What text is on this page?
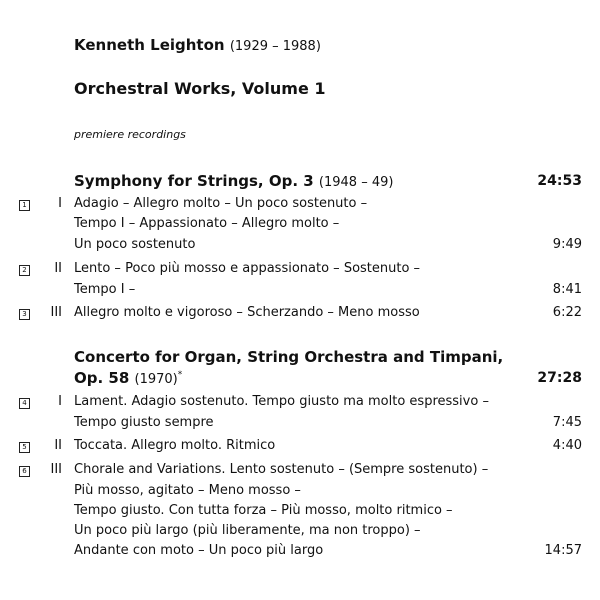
Kenneth Leighton (1929 – 1988)
Orchestral Works, Volume 1
premiere recordings
Symphony for Strings, Op. 3 (1948 – 49)	24:53
1	I Adagio – Allegro molto – Un poco sostenuto –
Tempo I – Appassionato – Allegro molto –
Un poco sostenuto	9:49
2	II Lento – Poco più mosso e appassionato – Sostenuto –
Tempo I –	8:41
3	III Allegro molto e vigoroso – Scherzando – Meno mosso	6:22
Concerto for Organ, String Orchestra and Timpani,
Op. 58 (1970)*	27:28
4	I Lament. Adagio sostenuto. Tempo giusto ma molto espressivo –
Tempo giusto sempre	7:45
5	II Toccata. Allegro molto. Ritmico	4:40
6	III Chorale and Variations. Lento sostenuto – (Sempre sostenuto) –
Più mosso, agitato – Meno mosso –
Tempo giusto. Con tutta forza – Più mosso, molto ritmico –
Un poco più largo (più liberamente, ma non troppo) –
Andante con moto – Un poco più largo	14:57
